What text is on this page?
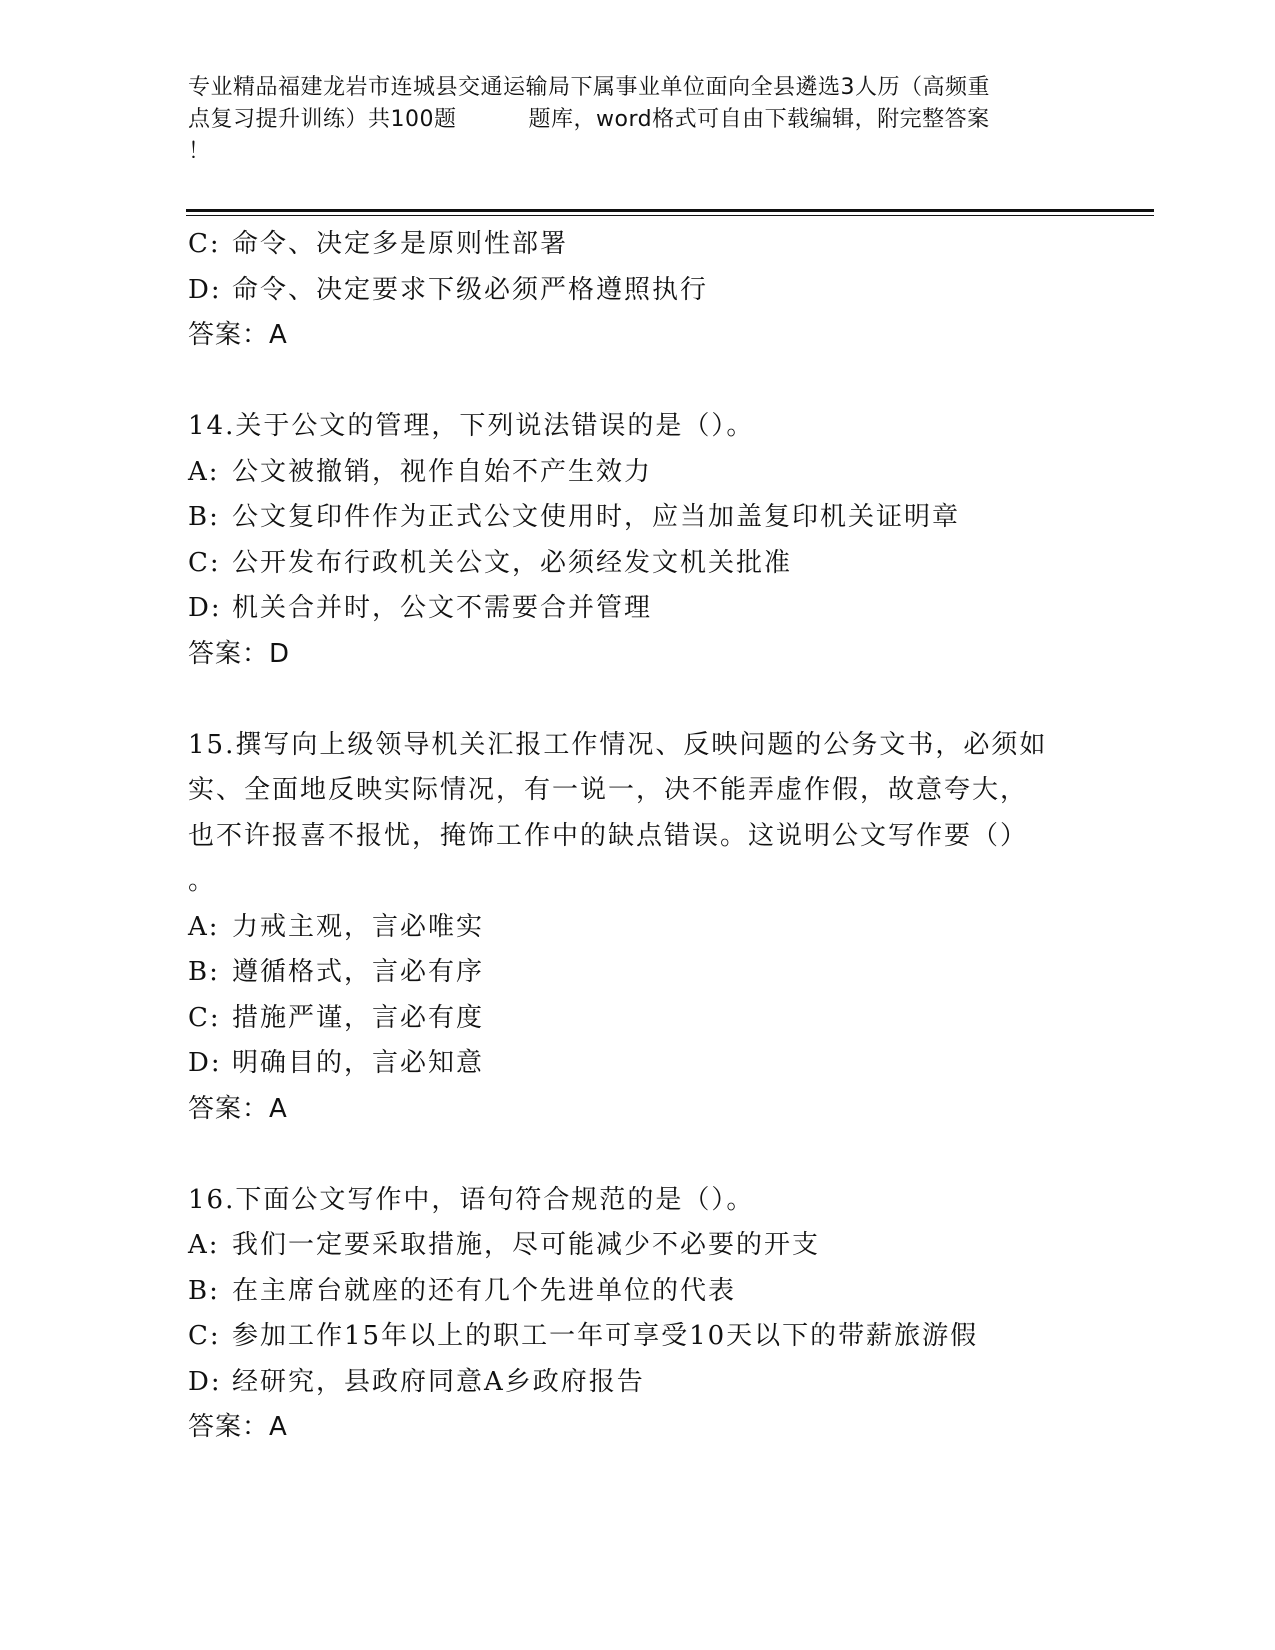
专业精品福建龙岩市连城县交通运输局下属事业单位面向全县遴选3人历（高频重
点复习提升训练）共100题	题库，word格式可自由下载编辑，附完整答案
！
C: 命令、决定多是原则性部署
D: 命令、决定要求下级必须严格遵照执行
答案：A
14.关于公文的管理，下列说法错误的是（）。
A: 公文被撤销，视作自始不产生效力
B: 公文复印件作为正式公文使用时，应当加盖复印机关证明章
C: 公开发布行政机关公文，必须经发文机关批准
D: 机关合并时，公文不需要合并管理
答案：D
15.撰写向上级领导机关汇报工作情况、反映问题的公务文书，必须如
实、全面地反映实际情况，有一说一，决不能弄虚作假，故意夸大，
也不许报喜不报忧，掩饰工作中的缺点错误。这说明公文写作要（）
。
A: 力戒主观，言必唯实
B: 遵循格式，言必有序
C: 措施严谨，言必有度
D: 明确目的，言必知意
答案：A
16.下面公文写作中，语句符合规范的是（）。
A: 我们一定要采取措施，尽可能减少不必要的开支
B: 在主席台就座的还有几个先进单位的代表
C: 参加工作15年以上的职工一年可享受10天以下的带薪旅游假
D: 经研究，县政府同意A乡政府报告
答案：A
